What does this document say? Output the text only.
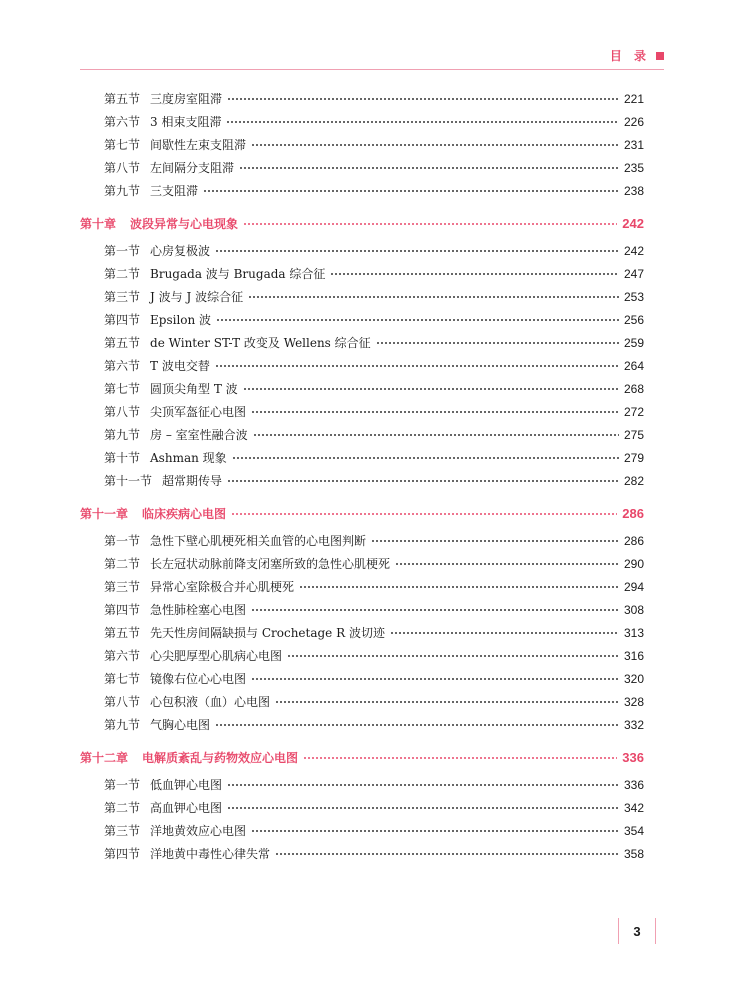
目 录
第五节 三度房室阻滞	221
第六节 3 相束支阻滞	226
第七节 间歇性左束支阻滞	231
第八节 左间隔分支阻滞	235
第九节 三支阻滞	238
第十章 波段异常与心电现象	242
第一节 心房复极波	242
第二节 Brugada 波与 Brugada 综合征	247
第三节 J 波与 J 波综合征	253
第四节 Epsilon 波	256
第五节 de Winter ST-T 改变及 Wellens 综合征	259
第六节 T 波电交替	264
第七节 圆顶尖角型 T 波	268
第八节 尖顶军盔征心电图	272
第九节 房 – 室室性融合波	275
第十节 Ashman 现象	279
第十一节 超常期传导	282
第十一章 临床疾病心电图	286
第一节 急性下壁心肌梗死相关血管的心电图判断	286
第二节 长左冠状动脉前降支闭塞所致的急性心肌梗死	290
第三节 异常心室除极合并心肌梗死	294
第四节 急性肺栓塞心电图	308
第五节 先天性房间隔缺损与 Crochetage R 波切迹	313
第六节 心尖肥厚型心肌病心电图	316
第七节 镜像右位心心电图	320
第八节 心包积液（血）心电图	328
第九节 气胸心电图	332
第十二章 电解质紊乱与药物效应心电图	336
第一节 低血钾心电图	336
第二节 高血钾心电图	342
第三节 洋地黄效应心电图	354
第四节 洋地黄中毒性心律失常	358
3
